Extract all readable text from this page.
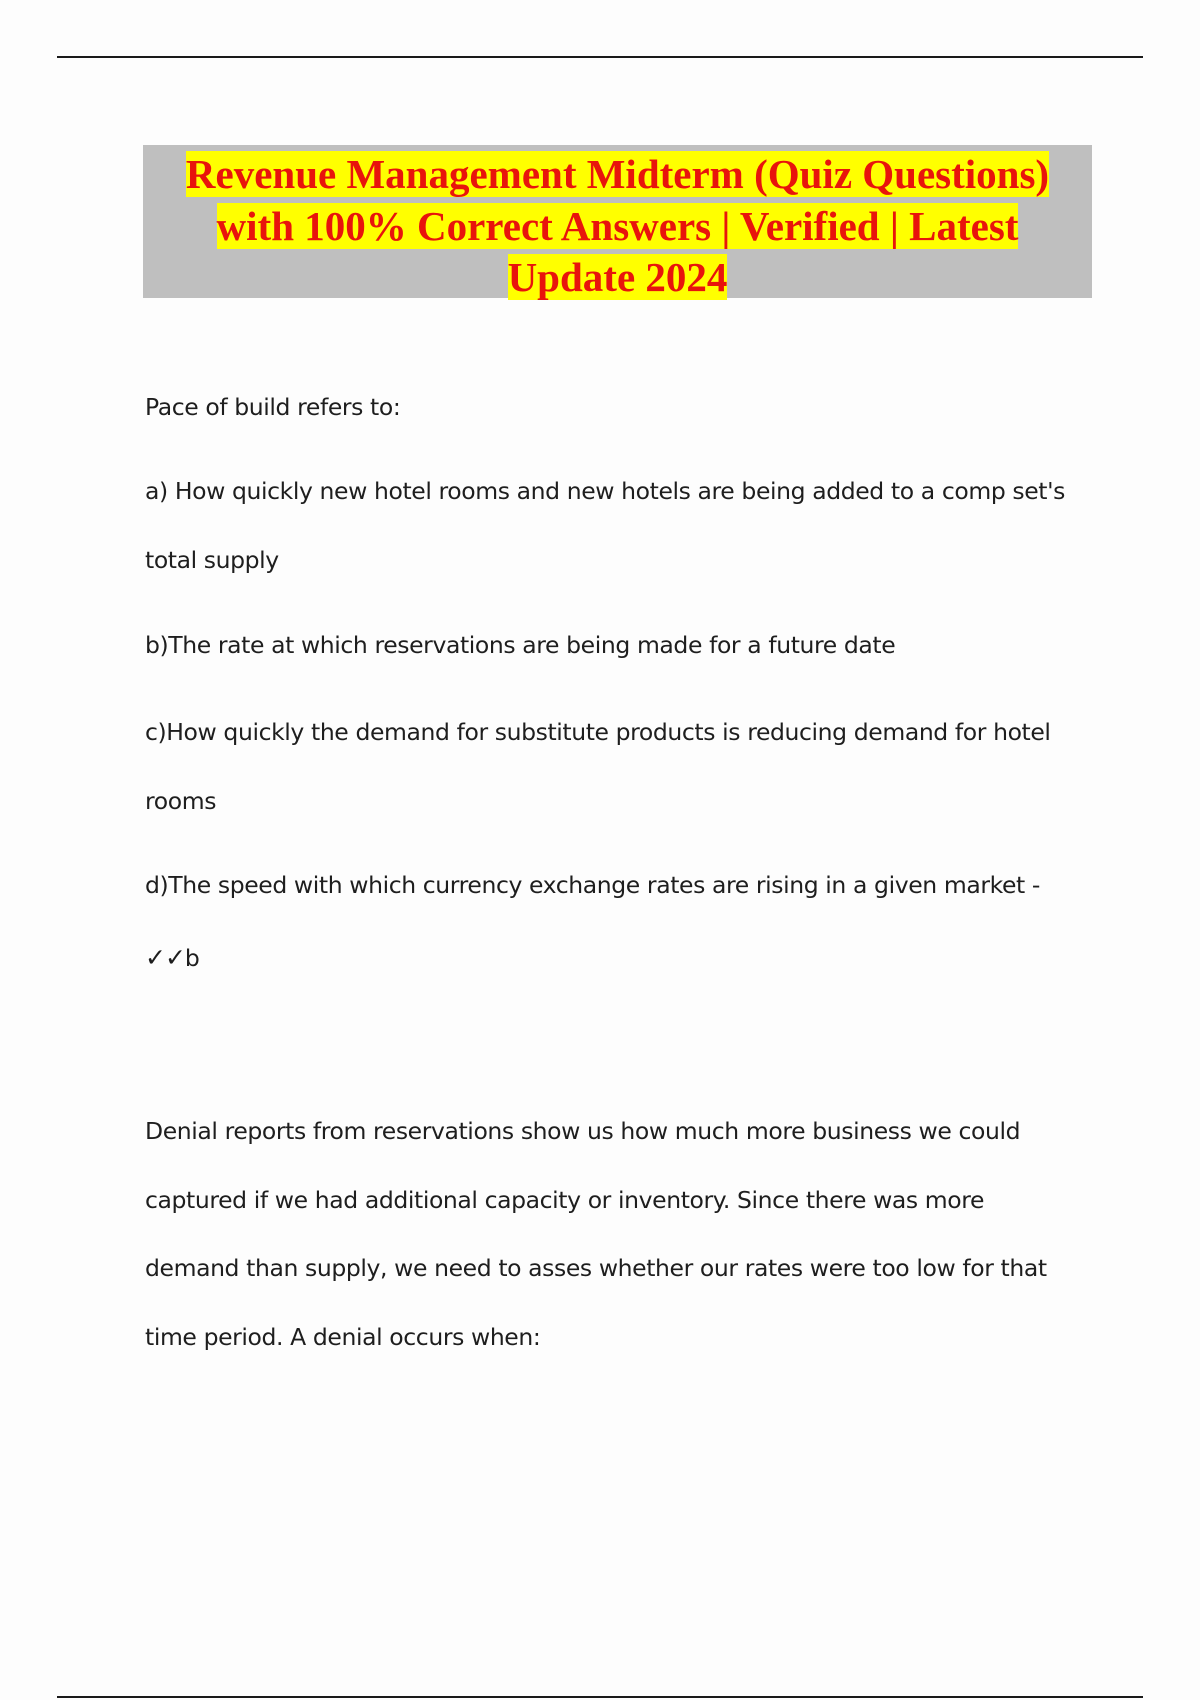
Revenue Management Midterm (Quiz Questions)
with 100% Correct Answers | Verified | Latest
Update 2024

Pace of build refers to:
a) How quickly new hotel rooms and new hotels are being added to a comp set's
total supply
b)The rate at which reservations are being made for a future date
c)How quickly the demand for substitute products is reducing demand for hotel
rooms
d)The speed with which currency exchange rates are rising in a given market -
✓✓b
Denial reports from reservations show us how much more business we could
captured if we had additional capacity or inventory. Since there was more
demand than supply, we need to asses whether our rates were too low for that
time period. A denial occurs when:
